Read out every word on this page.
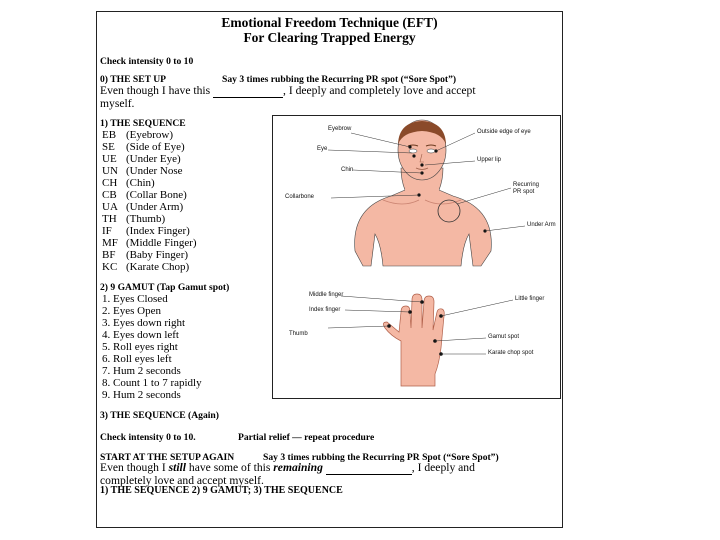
Emotional Freedom Technique (EFT)
For Clearing Trapped Energy
Check intensity 0 to 10
0) THE SET UP	Say 3 times rubbing the Recurring PR spot (“Sore Spot”)
Even though I have this	, I deeply and completely love and accept
myself.
1) THE SEQUENCE
EB (Eyebrow)
SE (Side of Eye)
UE (Under Eye)
UN (Under Nose
CH (Chin)
CB (Collar Bone)
UA (Under Arm)
TH (Thumb)
IF (Index Finger)
MF (Middle Finger)
BF (Baby Finger)
KC (Karate Chop)
2) 9 GAMUT (Tap Gamut spot)
1. Eyes Closed
2. Eyes Open
3. Eyes down right
4. Eyes down left
5. Roll eyes right
6. Roll eyes left
7. Hum 2 seconds
8. Count 1 to 7 rapidly
9. Hum 2 seconds
3) THE SEQUENCE (Again)
Check intensity 0 to 10.	Partial relief — repeat procedure
START AT THE SETUP AGAIN	Say 3 times rubbing the Recurring PR Spot (“Sore Spot”)
Even though I still have some of this remaining	, I deeply and
completely love and accept myself.
1) THE SEQUENCE 2) 9 GAMUT; 3) THE SEQUENCE
Eyebrow	Outside edge of eye
Eye
Upper lip
Chin
Recurring
PR spot
Collarbone
Under Arm
Middle finger
Little finger
Index finger
Thumb	Gamut spot
Karate chop spot
